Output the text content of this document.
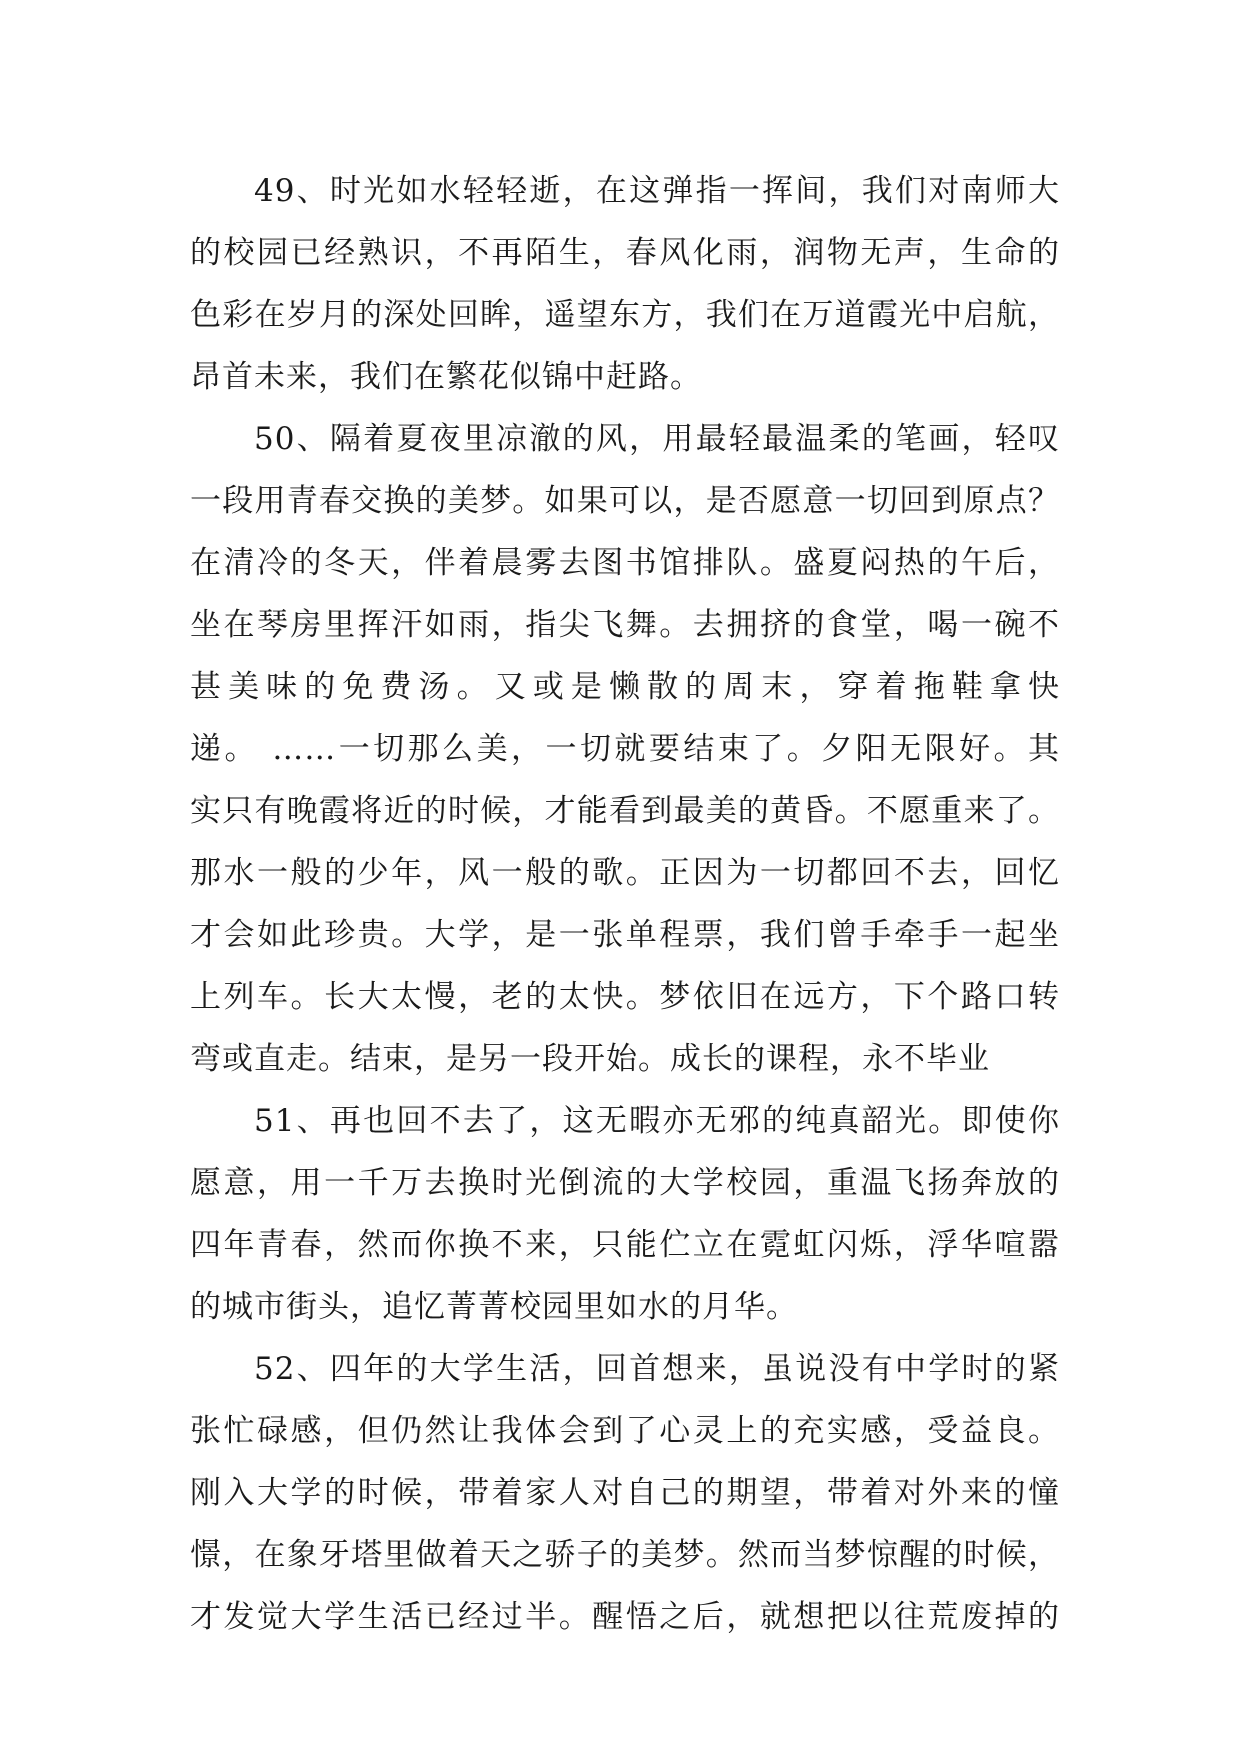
49、时光如水轻轻逝，在这弹指一挥间，我们对南师大
的校园已经熟识，不再陌生，春风化雨，润物无声，生命的
色彩在岁月的深处回眸，遥望东方，我们在万道霞光中启航，
昂首未来，我们在繁花似锦中赶路。
50、隔着夏夜里凉澈的风，用最轻最温柔的笔画，轻叹
一段用青春交换的美梦。如果可以，是否愿意一切回到原点？
在清冷的冬天，伴着晨雾去图书馆排队。盛夏闷热的午后，
坐在琴房里挥汗如雨，指尖飞舞。去拥挤的食堂，喝一碗不
甚美味的免费汤。又或是懒散的周末，穿着拖鞋拿快
递。 ……一切那么美，一切就要结束了。夕阳无限好。其
实只有晚霞将近的时候，才能看到最美的黄昏。不愿重来了。
那水一般的少年，风一般的歌。正因为一切都回不去，回忆
才会如此珍贵。大学，是一张单程票，我们曾手牵手一起坐
上列车。长大太慢，老的太快。梦依旧在远方，下个路口转
弯或直走。结束，是另一段开始。成长的课程，永不毕业
51、再也回不去了，这无暇亦无邪的纯真韶光。即使你
愿意，用一千万去换时光倒流的大学校园，重温飞扬奔放的
四年青春，然而你换不来，只能伫立在霓虹闪烁，浮华喧嚣
的城市街头，追忆菁菁校园里如水的月华。
52、四年的大学生活，回首想来，虽说没有中学时的紧
张忙碌感，但仍然让我体会到了心灵上的充实感，受益良。
刚入大学的时候，带着家人对自己的期望，带着对外来的憧
憬，在象牙塔里做着天之骄子的美梦。然而当梦惊醒的时候，
才发觉大学生活已经过半。醒悟之后，就想把以往荒废掉的
